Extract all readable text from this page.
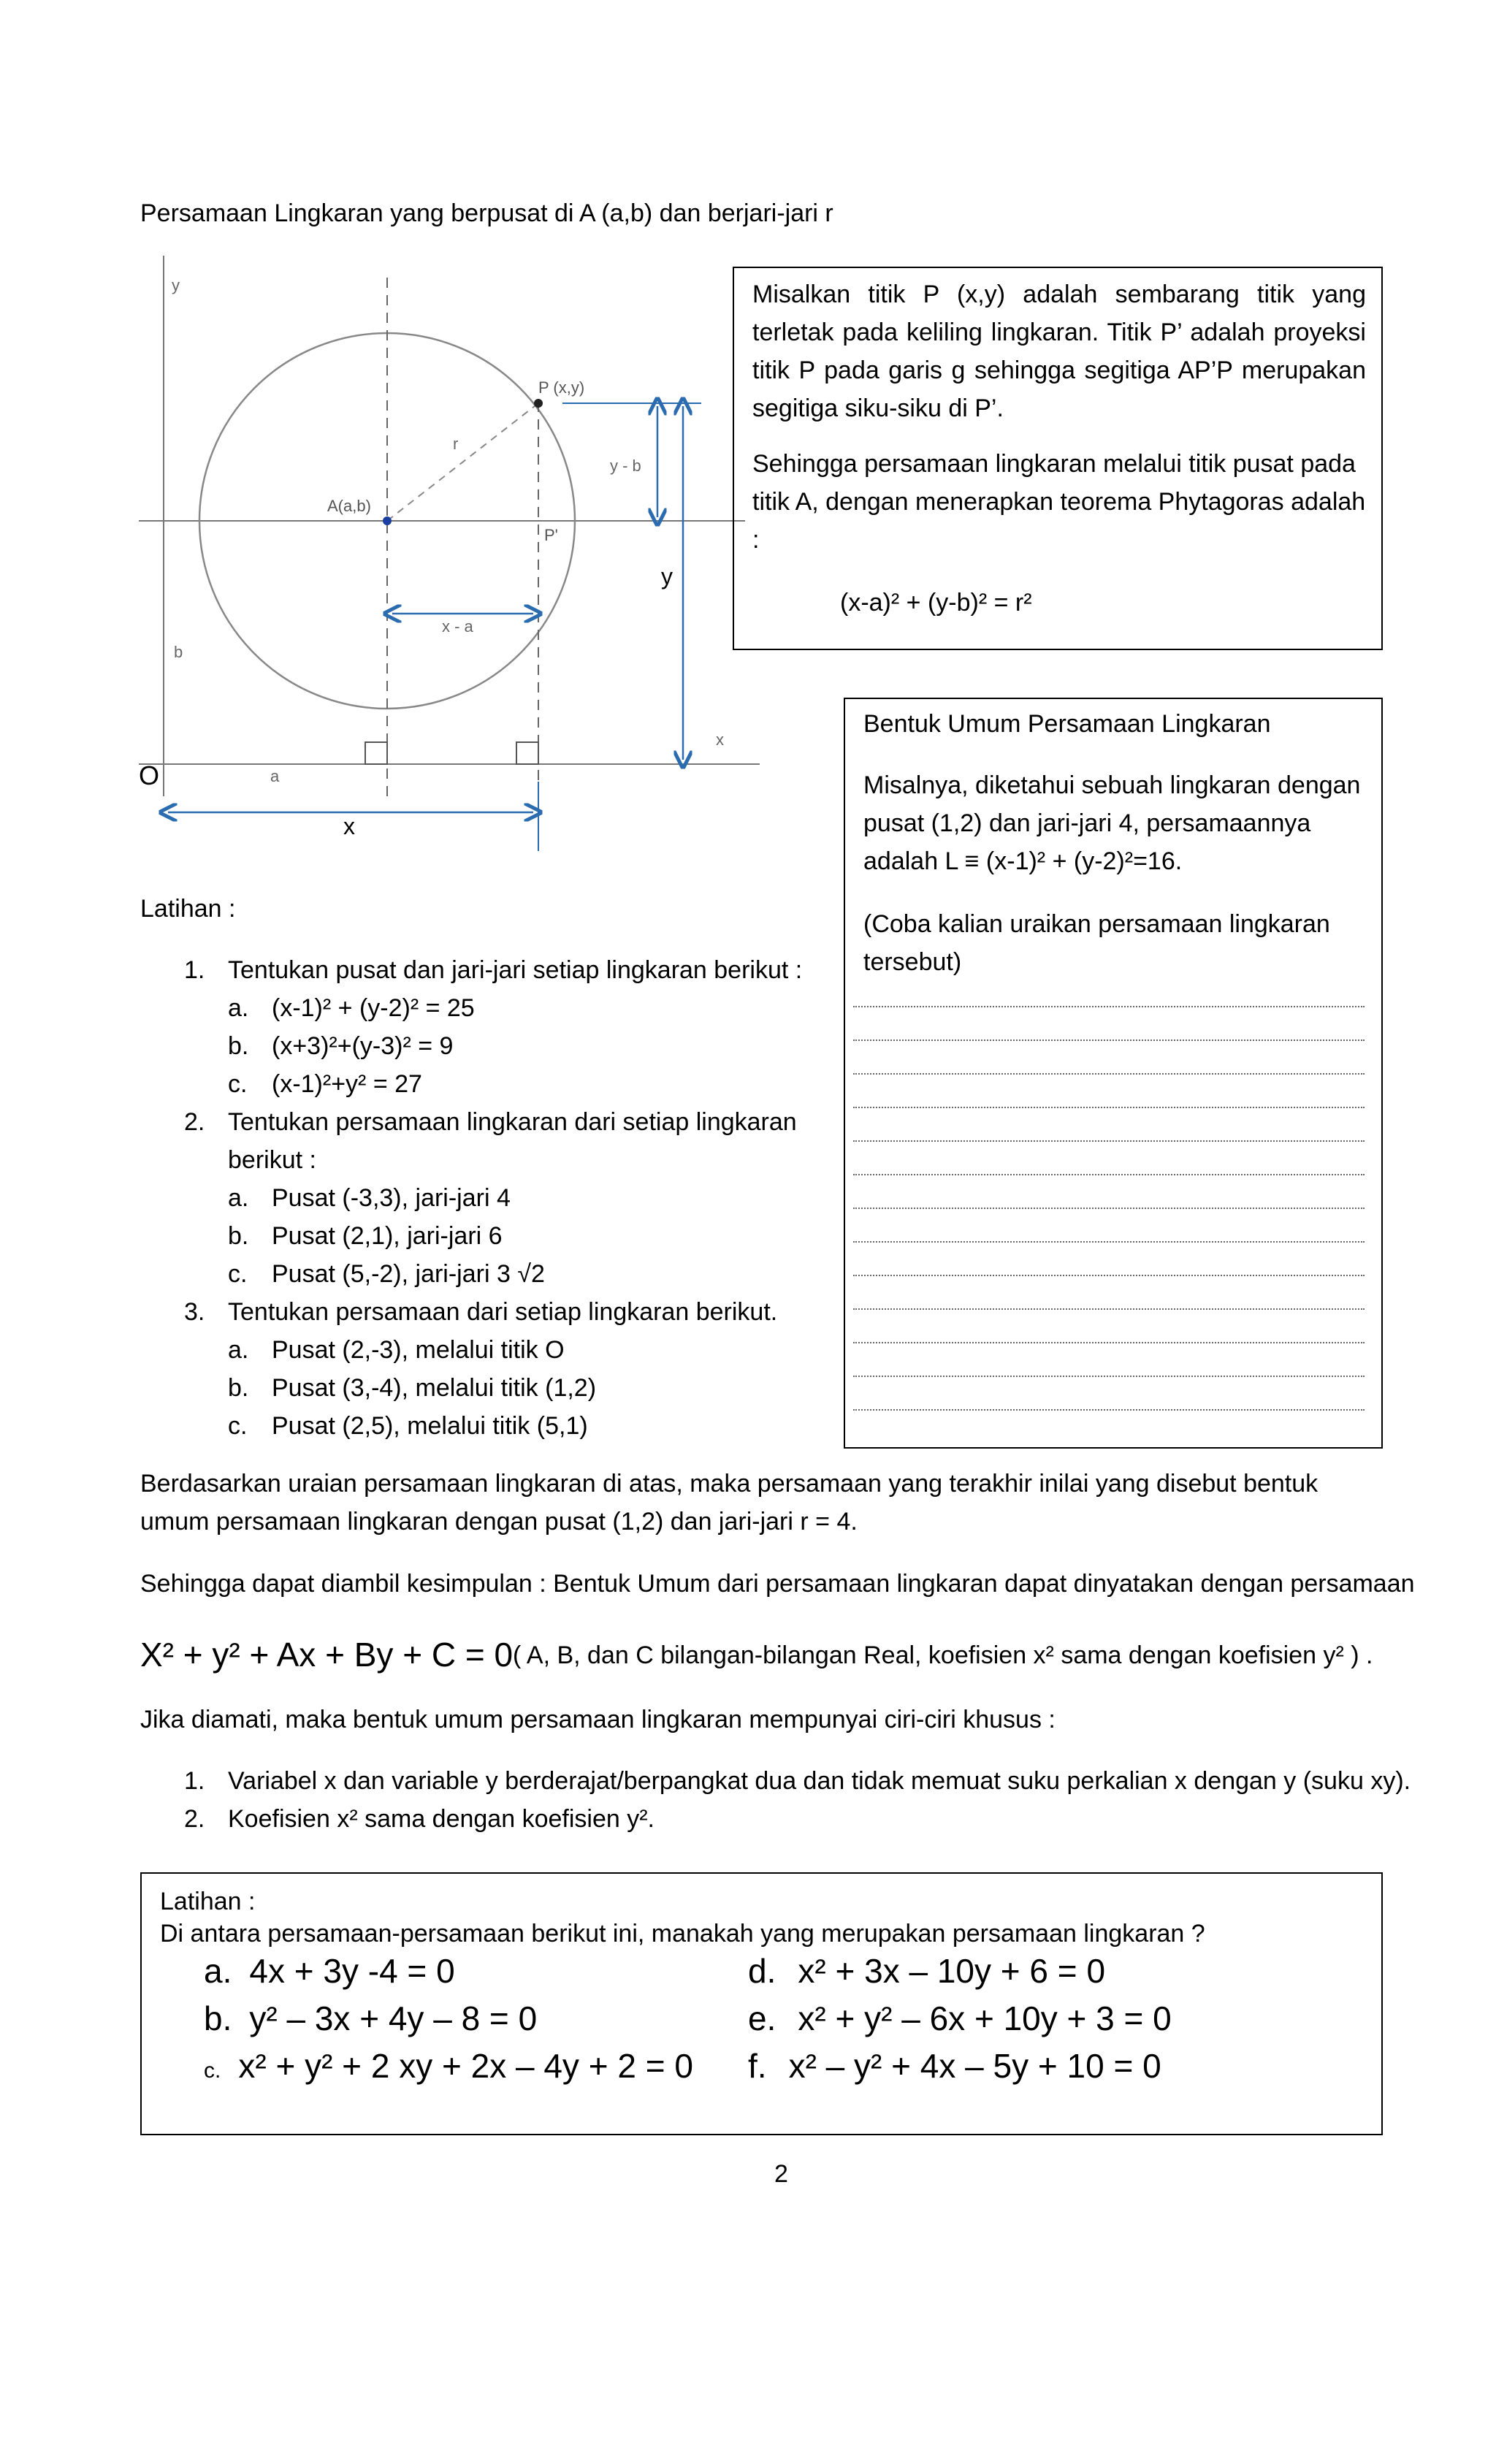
Persamaan Lingkaran yang berpusat di A (a,b) dan berjari-jari r
y
x
P (x,y)
A(a,b)
P'
r
y - b
x - a
b
a
y
x
O
Misalkan titik P (x,y) adalah sembarang titik yang terletak pada keliling lingkaran. Titik P’ adalah proyeksi titik P pada garis g sehingga segitiga AP’P merupakan segitiga siku-siku di P’.
Sehingga persamaan lingkaran melalui titik pusat pada titik A, dengan menerapkan teorema Phytagoras adalah :
(x-a)² + (y-b)² = r²
Bentuk Umum Persamaan Lingkaran
Misalnya, diketahui sebuah lingkaran dengan pusat (1,2) dan jari-jari 4, persamaannya adalah L ≡ (x-1)² + (y-2)²=16.
(Coba kalian uraikan persamaan lingkaran tersebut)
Latihan :
1. Tentukan pusat dan jari-jari setiap lingkaran berikut :
a. (x-1)² + (y-2)² = 25
b. (x+3)²+(y-3)² = 9
c. (x-1)²+y² = 27
2. Tentukan persamaan lingkaran dari setiap lingkaran
berikut :
a. Pusat (-3,3), jari-jari 4
b. Pusat (2,1), jari-jari 6
c. Pusat (5,-2), jari-jari 3 √2
3. Tentukan persamaan dari setiap lingkaran berikut.
a. Pusat (2,-3), melalui titik O
b. Pusat (3,-4), melalui titik (1,2)
c. Pusat (2,5), melalui titik (5,1)
Berdasarkan uraian persamaan lingkaran di atas, maka persamaan yang terakhir inilai yang disebut bentuk umum persamaan lingkaran dengan pusat (1,2) dan jari-jari r = 4.
Sehingga dapat diambil kesimpulan : Bentuk Umum dari persamaan lingkaran dapat dinyatakan dengan persamaan
X² + y² + Ax + By + C = 0 ( A, B, dan C bilangan-bilangan Real, koefisien x² sama dengan koefisien y² ) .
Jika diamati, maka bentuk umum persamaan lingkaran mempunyai ciri-ciri khusus :
1. Variabel x dan variable y berderajat/berpangkat dua dan tidak memuat suku perkalian x dengan y (suku xy).
2. Koefisien x² sama dengan koefisien y².
Latihan :
Di antara persamaan-persamaan berikut ini, manakah yang merupakan persamaan lingkaran ?
a. 4x + 3y -4 = 0
b. y² – 3x + 4y – 8 = 0
c. x² + y² + 2 xy + 2x – 4y + 2 = 0
d. x² + 3x – 10y + 6 = 0
e. x² + y² – 6x + 10y + 3 = 0
f. x² – y² + 4x – 5y + 10 = 0
2
